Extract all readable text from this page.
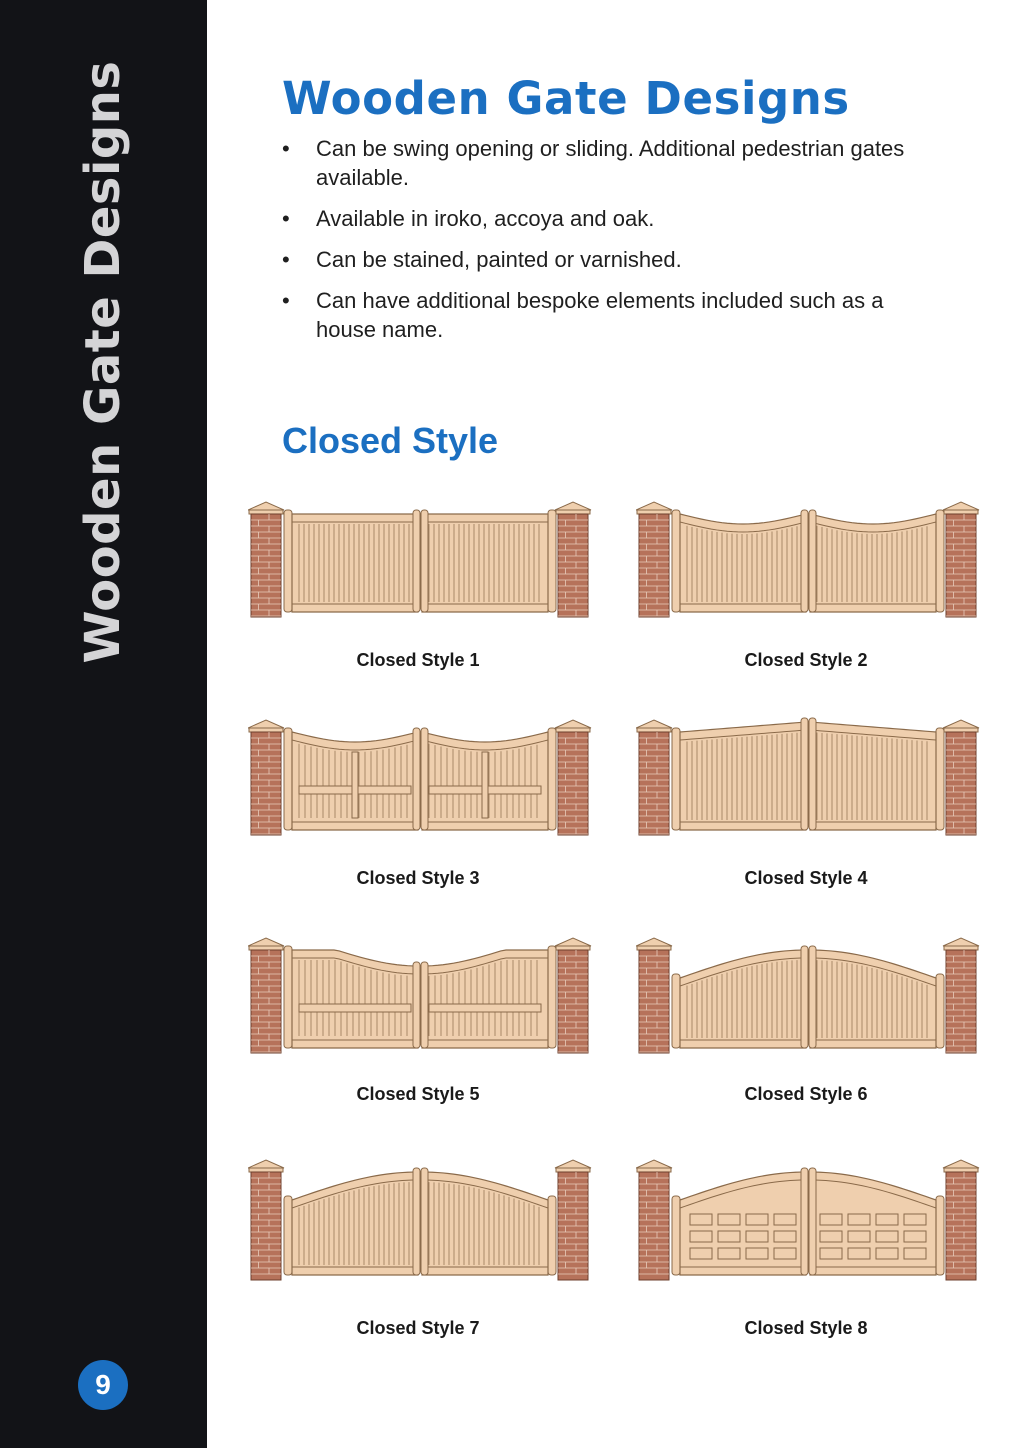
Wooden Gate Designs
9
Wooden Gate Designs
• Can be swing opening or sliding. Additional pedestrian gates available.
• Available in iroko, accoya and oak.
• Can be stained, painted or varnished.
• Can have additional bespoke elements included such as a house name.
Closed Style
Closed Style 1	Closed Style 2
Closed Style 3	Closed Style 4
Closed Style 5	Closed Style 6
Closed Style 7	Closed Style 8
